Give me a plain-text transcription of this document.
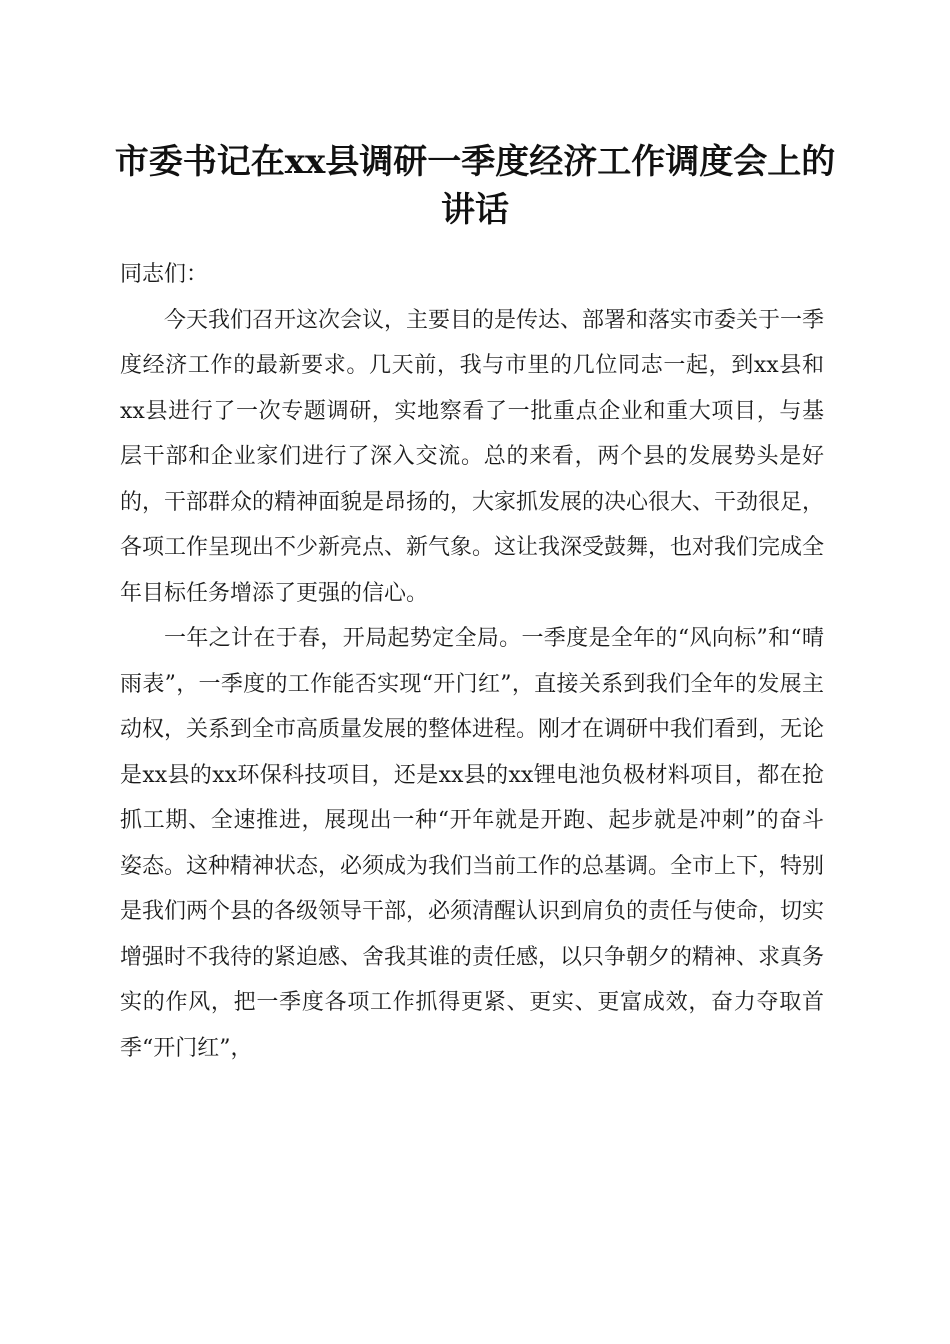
市委书记在xx县调研一季度经济工作调度会上的讲话

同志们：

今天我们召开这次会议，主要目的是传达、部署和落实市委关于一季度经济工作的最新要求。几天前，我与市里的几位同志一起，到xx县和xx县进行了一次专题调研，实地察看了一批重点企业和重大项目，与基层干部和企业家们进行了深入交流。总的来看，两个县的发展势头是好的，干部群众的精神面貌是昂扬的，大家抓发展的决心很大、干劲很足，各项工作呈现出不少新亮点、新气象。这让我深受鼓舞，也对我们完成全年目标任务增添了更强的信心。

一年之计在于春，开局起势定全局。一季度是全年的“风向标”和“晴雨表”，一季度的工作能否实现“开门红”，直接关系到我们全年的发展主动权，关系到全市高质量发展的整体进程。刚才在调研中我们看到，无论是xx县的xx环保科技项目，还是xx县的xx锂电池负极材料项目，都在抢抓工期、全速推进，展现出一种“开年就是开跑、起步就是冲刺”的奋斗姿态。这种精神状态，必须成为我们当前工作的总基调。全市上下，特别是我们两个县的各级领导干部，必须清醒认识到肩负的责任与使命，切实增强时不我待的紧迫感、舍我其谁的责任感，以只争朝夕的精神、求真务实的作风，把一季度各项工作抓得更紧、更实、更富成效，奋力夺取首季“开门红”，
